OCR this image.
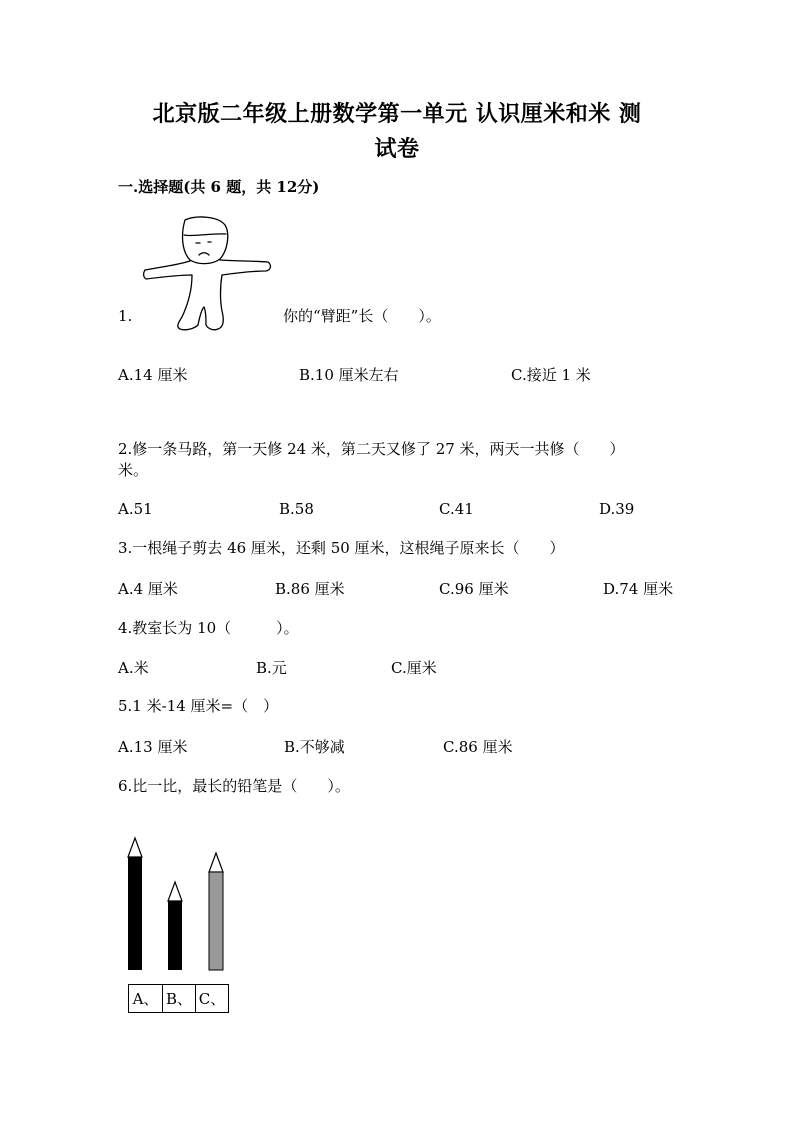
北京版二年级上册数学第一单元 认识厘米和米 测
试卷
一.选择题(共 6 题，共 12分)
1.	你的“臂距”长（　　）。
A.14 厘米	B.10 厘米左右	C.接近 1 米
2.修一条马路，第一天修 24 米，第二天又修了 27 米，两天一共修（　　）
米。
A.51	B.58	C.41	D.39
3.一根绳子剪去 46 厘米，还剩 50 厘米，这根绳子原来长（　　）
A.4 厘米	B.86 厘米	C.96 厘米	D.74 厘米
4.教室长为 10（　　　）。
A.米	B.元	C.厘米
5.1 米-14 厘米=（　）
A.13 厘米	B.不够减	C.86 厘米
6.比一比，最长的铅笔是（　　）。
A、 B、 C、
